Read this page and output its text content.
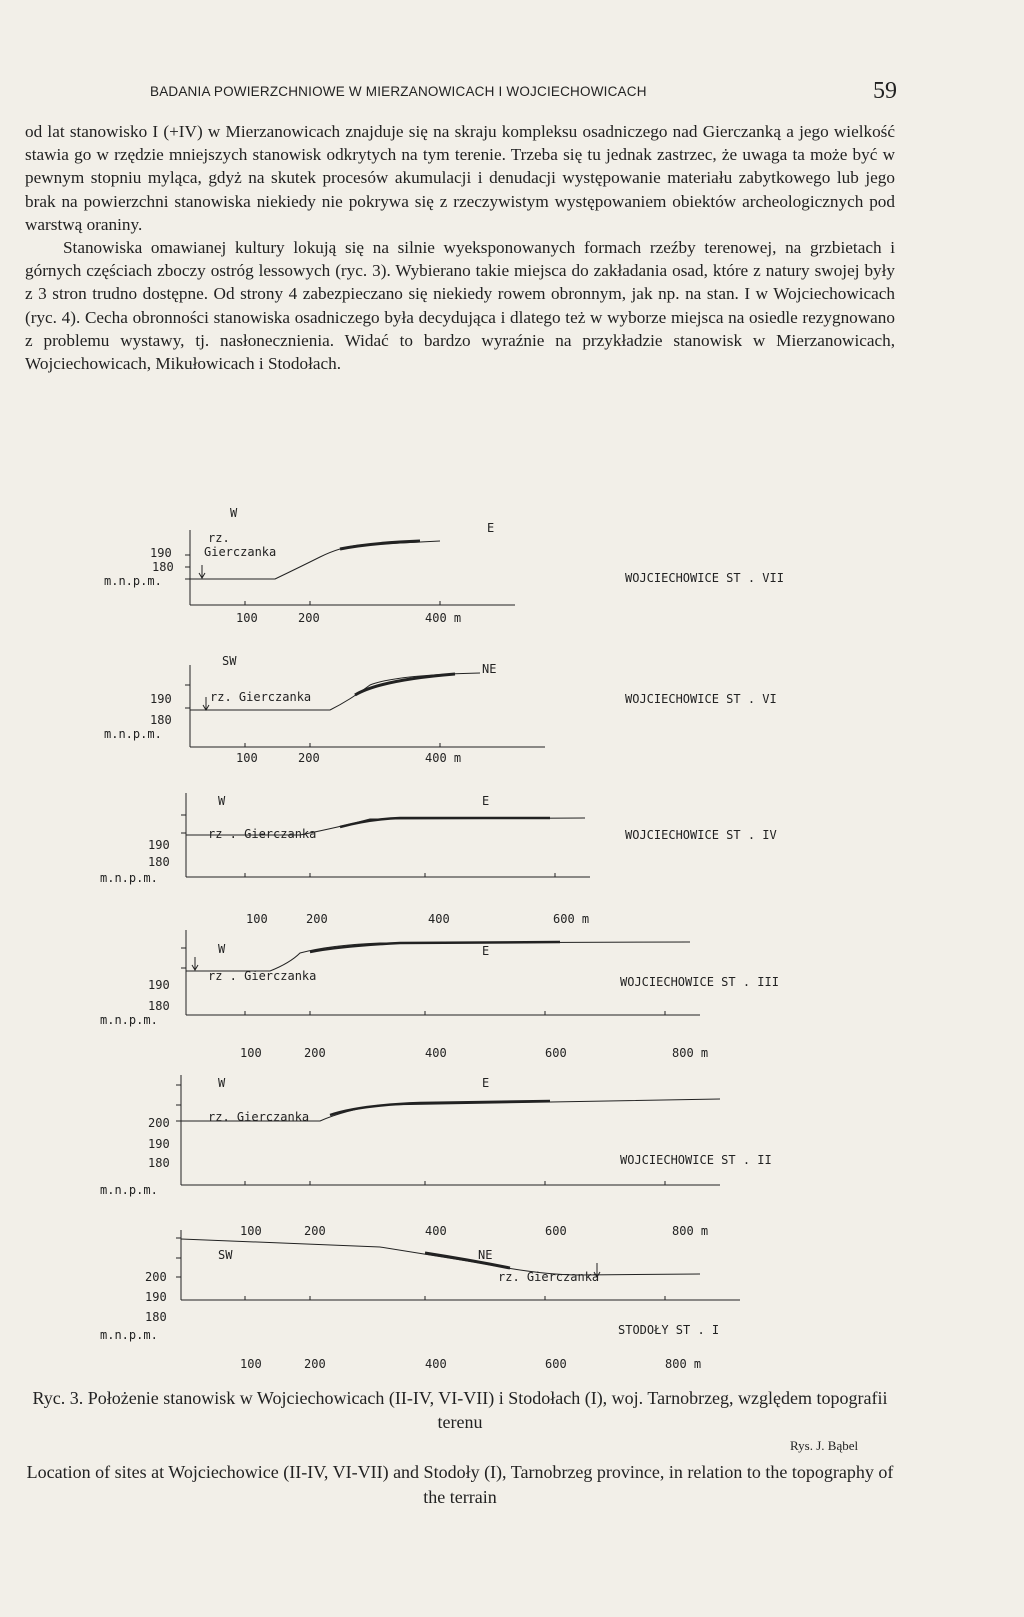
BADANIA POWIERZCHNIOWE W MIERZANOWICACH I WOJCIECHOWICACH	59

od lat stanowisko I (+IV) w Mierzanowicach znajduje się na skraju kompleksu osadniczego nad Gierczanką a jego wielkość stawia go w rzędzie mniejszych stanowisk odkrytych na tym terenie. Trzeba się tu jednak zastrzec, że uwaga ta może być w pewnym stopniu myląca, gdyż na skutek procesów akumulacji i denudacji występowanie materiału zabytkowego lub jego brak na powierzchni stanowiska niekiedy nie pokrywa się z rzeczywistym występowaniem obiektów archeologicznych pod warstwą oraniny.

Stanowiska omawianej kultury lokują się na silnie wyeksponowanych formach rzeźby terenowej, na grzbietach i górnych częściach zboczy ostróg lessowych (ryc. 3). Wybierano takie miejsca do zakładania osad, które z natury swojej były z 3 stron trudno dostępne. Od strony 4 zabezpieczano się niekiedy rowem obronnym, jak np. na stan. I w Wojciechowicach (ryc. 4). Cecha obronności stanowiska osadniczego była decydująca i dlatego też w wyborze miejsca na osiedle rezygnowano z problemu wystawy, tj. nasłonecznienia. Widać to bardzo wyraźnie na przykładzie stanowisk w Mierzanowicach, Wojciechowicach, Mikułowicach i Stodołach.

W
E
rz.
Gierczanka
190
180
m.n.p.m.
100	200	400 m
WOJCIECHOWICE ST . VII
SW
NE
rz. Gierczanka
190
180
m.n.p.m.
100	200	400 m
WOJCIECHOWICE ST . VI
W	E
rz . Gierczanka
190
180
m.n.p.m.
100	200	400	600 m
WOJCIECHOWICE ST . IV
W	E
rz . Gierczanka
190
180
m.n.p.m.
100	200	400	600	800 m
WOJCIECHOWICE ST . III
W	E
rz. Gierczanka
200
190
180
m.n.p.m.
100	200	400	600	800 m
WOJCIECHOWICE ST . II
SW	NE
rz. Gierczanka
200
190
180
m.n.p.m.	STODOŁY ST . I
100	200	400	600	800 m
Ryc. 3. Położenie stanowisk w Wojciechowicach (II-IV, VI-VII) i Stodołach (I), woj. Tarnobrzeg, względem topografii terenu
Rys. J. Bąbel
Location of sites at Wojciechowice (II-IV, VI-VII) and Stodoły (I), Tarnobrzeg province, in relation to the topography of the terrain
